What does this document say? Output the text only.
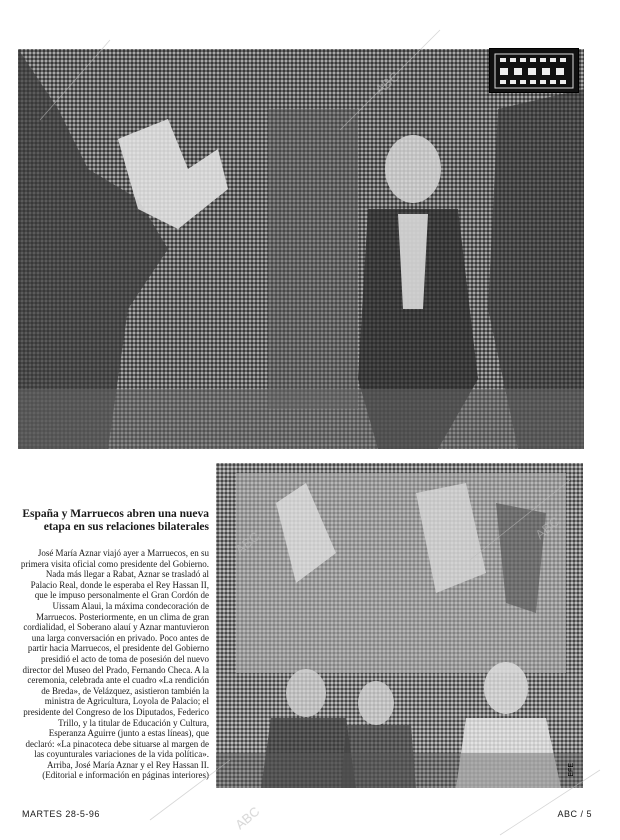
EFE
España y Marruecos abren una nueva etapa en sus relaciones bilaterales
José María Aznar viajó ayer a Marruecos, en su primera visita oficial como presidente del Gobierno. Nada más llegar a Rabat, Aznar se trasladó al Palacio Real, donde le esperaba el Rey Hassan II, que le impuso personalmente el Gran Cordón de Uissam Alaui, la máxima condecoración de Marruecos. Posteriormente, en un clima de gran cordialidad, el Soberano alauí y Aznar mantuvieron una larga conversación en privado. Poco antes de partir hacia Marruecos, el presidente del Gobierno presidió el acto de toma de posesión del nuevo director del Museo del Prado, Fernando Checa. A la ceremonia, celebrada ante el cuadro «La rendición de Breda», de Velázquez, asistieron también la ministra de Agricultura, Loyola de Palacio; el presidente del Congreso de los Diputados, Federico Trillo, y la titular de Educación y Cultura, Esperanza Aguirre (junto a estas líneas), que declaró: «La pinacoteca debe situarse al margen de las coyunturales variaciones de la vida política». Arriba, José María Aznar y el Rey Hassan II. (Editorial e información en páginas interiores)
MARTES 28-5-96	ABC / 5
ABC
ABC
ABC
ABC
